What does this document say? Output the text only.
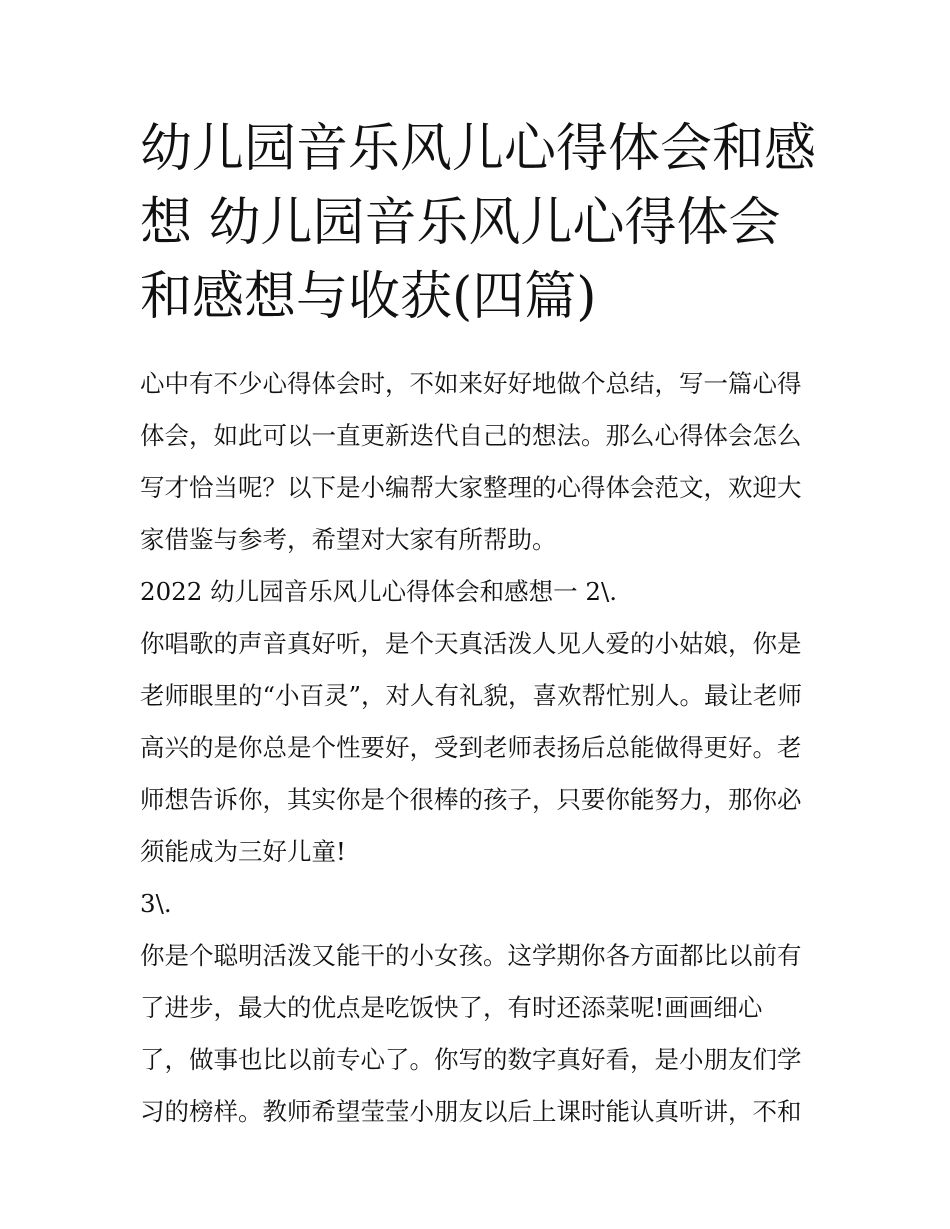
幼儿园音乐风儿心得体会和感想 幼儿园音乐风儿心得体会和感想与收获(四篇)
心中有不少心得体会时，不如来好好地做个总结，写一篇心得
体会，如此可以一直更新迭代自己的想法。那么心得体会怎么
写才恰当呢？以下是小编帮大家整理的心得体会范文，欢迎大
家借鉴与参考，希望对大家有所帮助。
2022 幼儿园音乐风儿心得体会和感想一 2\.
你唱歌的声音真好听，是个天真活泼人见人爱的小姑娘，你是
老师眼里的“小百灵”，对人有礼貌，喜欢帮忙别人。最让老师
高兴的是你总是个性要好，受到老师表扬后总能做得更好。老
师想告诉你，其实你是个很棒的孩子，只要你能努力，那你必
须能成为三好儿童!
3\.
你是个聪明活泼又能干的小女孩。这学期你各方面都比以前有
了进步，最大的优点是吃饭快了，有时还添菜呢!画画细心
了，做事也比以前专心了。你写的数字真好看，是小朋友们学
习的榜样。教师希望莹莹小朋友以后上课时能认真听讲，不和
